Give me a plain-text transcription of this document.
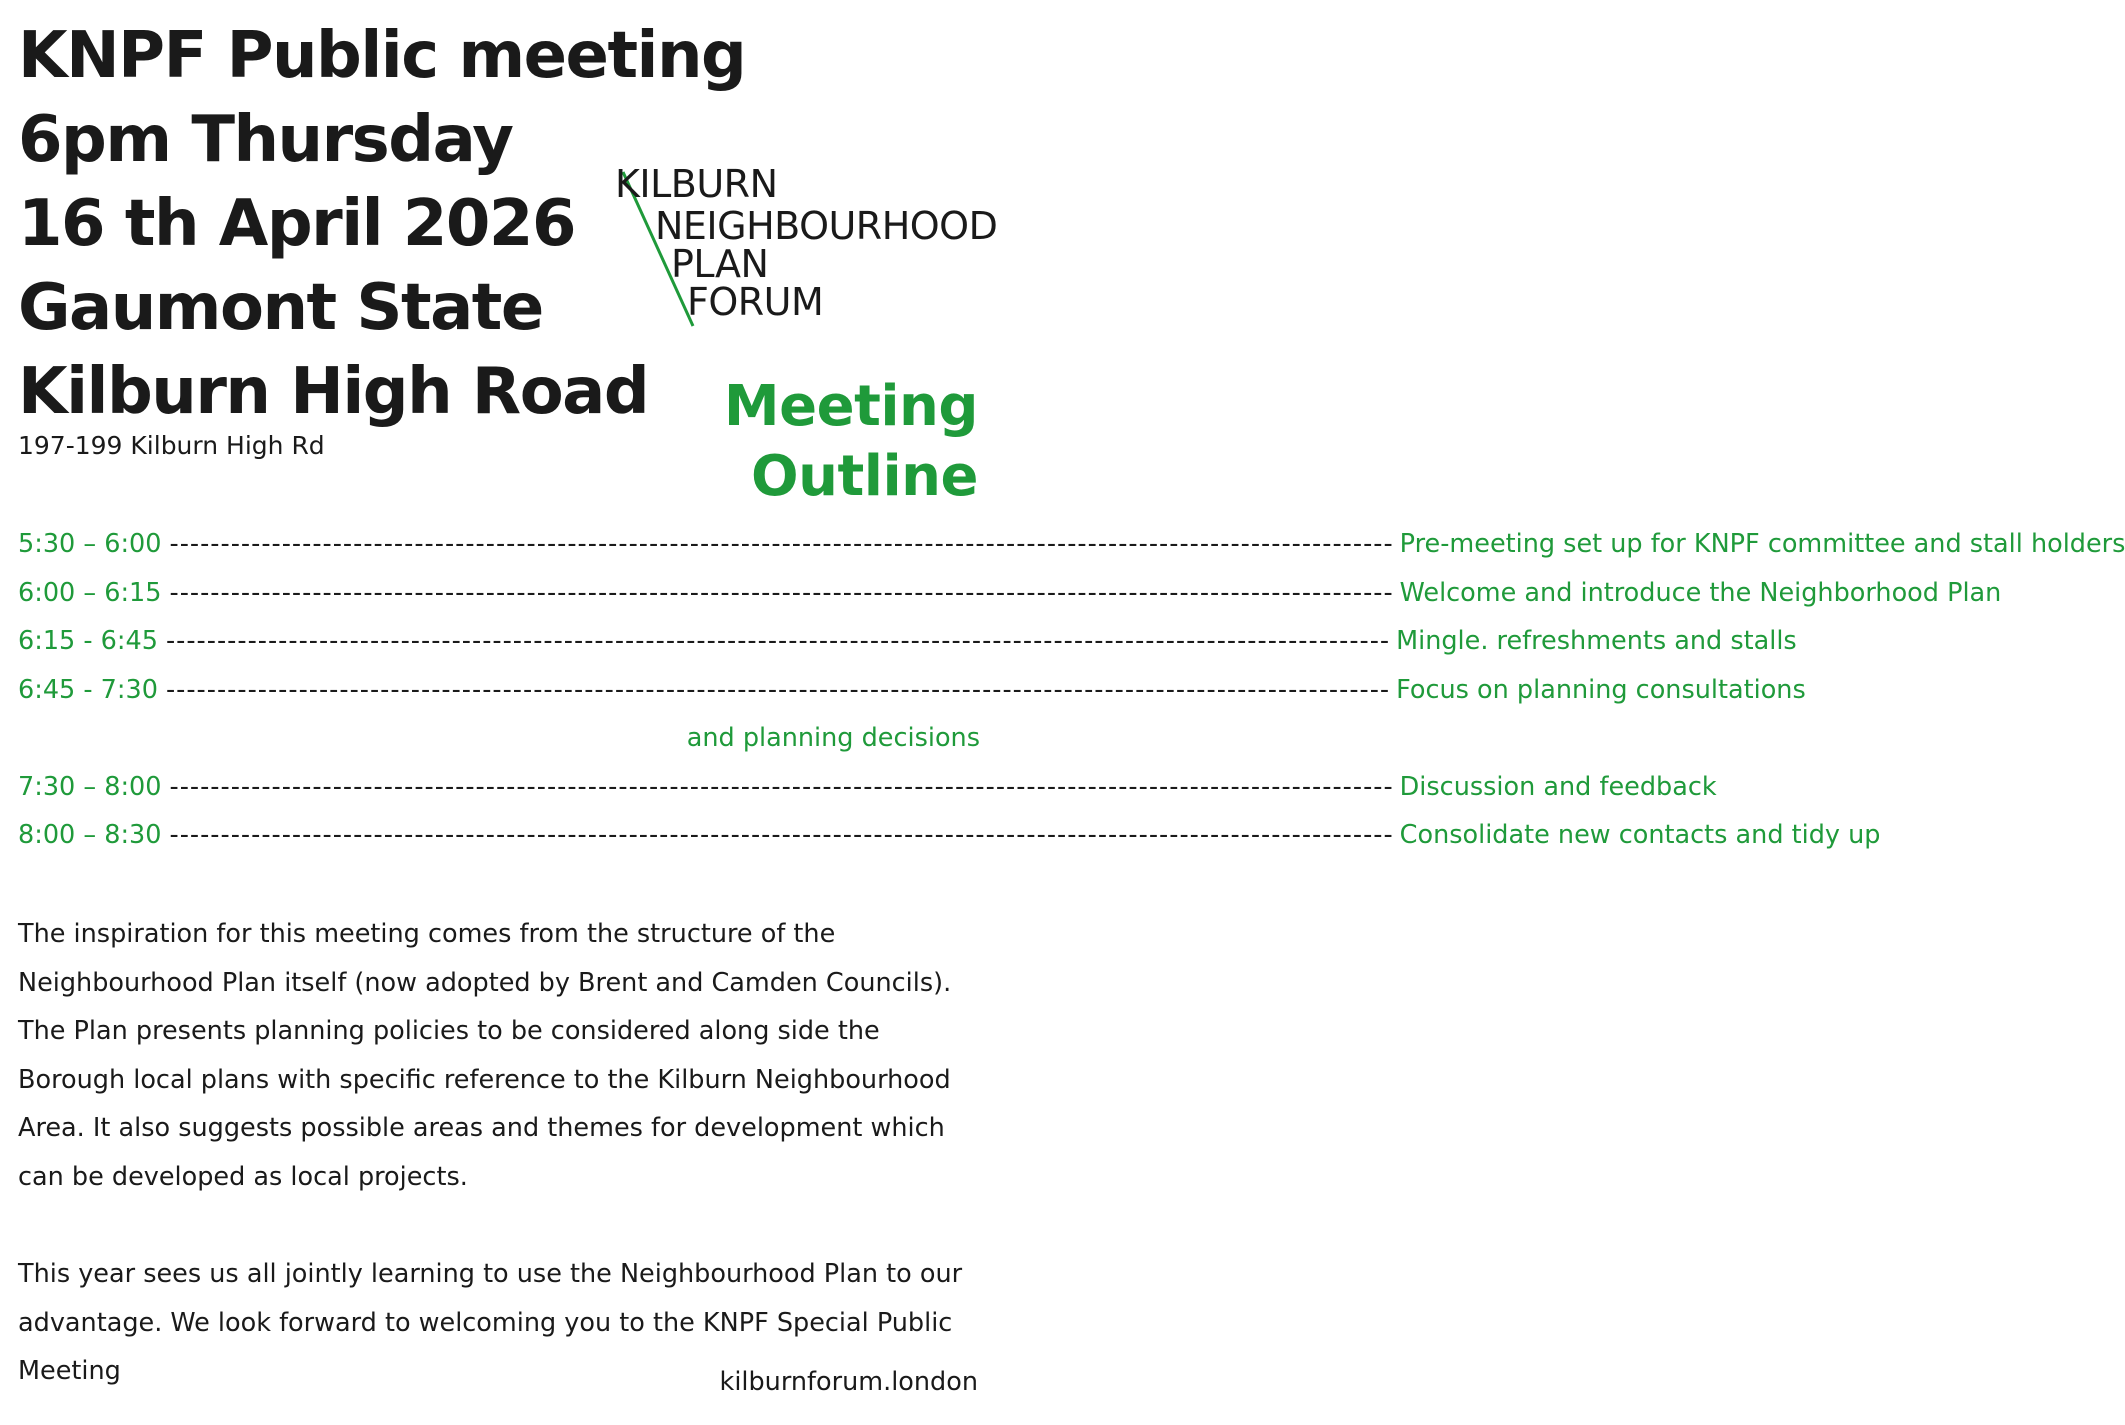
KNPF Public meeting
6pm Thursday
16 th April 2026
Gaumont State
Kilburn High Road
197-199 Kilburn High Rd
KILBURN
NEIGHBOURHOOD
PLAN
FORUM
Meeting
Outline
5:30 – 6:00 ------------------------------------------------------------------------------------------------------------------------ Pre-meeting set up for KNPF committee and stall holders
6:00 – 6:15 ------------------------------------------------------------------------------------------------------------------------ Welcome and introduce the Neighborhood Plan
6:15 - 6:45 ------------------------------------------------------------------------------------------------------------------------ Mingle. refreshments and stalls
6:45 - 7:30 ------------------------------------------------------------------------------------------------------------------------ Focus on planning consultations
and planning decisions
7:30 – 8:00 ------------------------------------------------------------------------------------------------------------------------ Discussion and feedback
8:00 – 8:30 ------------------------------------------------------------------------------------------------------------------------ Consolidate new contacts and tidy up

The inspiration for this meeting comes from the structure of the Neighbourhood Plan itself (now adopted by Brent and Camden Councils). The Plan presents planning policies to be considered along side the Borough local plans with specific reference to the Kilburn Neighbourhood Area. It also suggests possible areas and themes for development which can be developed as local projects.

This year sees us all jointly learning to use the Neighbourhood Plan to our advantage. We look forward to welcoming you to the KNPF Special Public Meeting	kilburnforum.london
